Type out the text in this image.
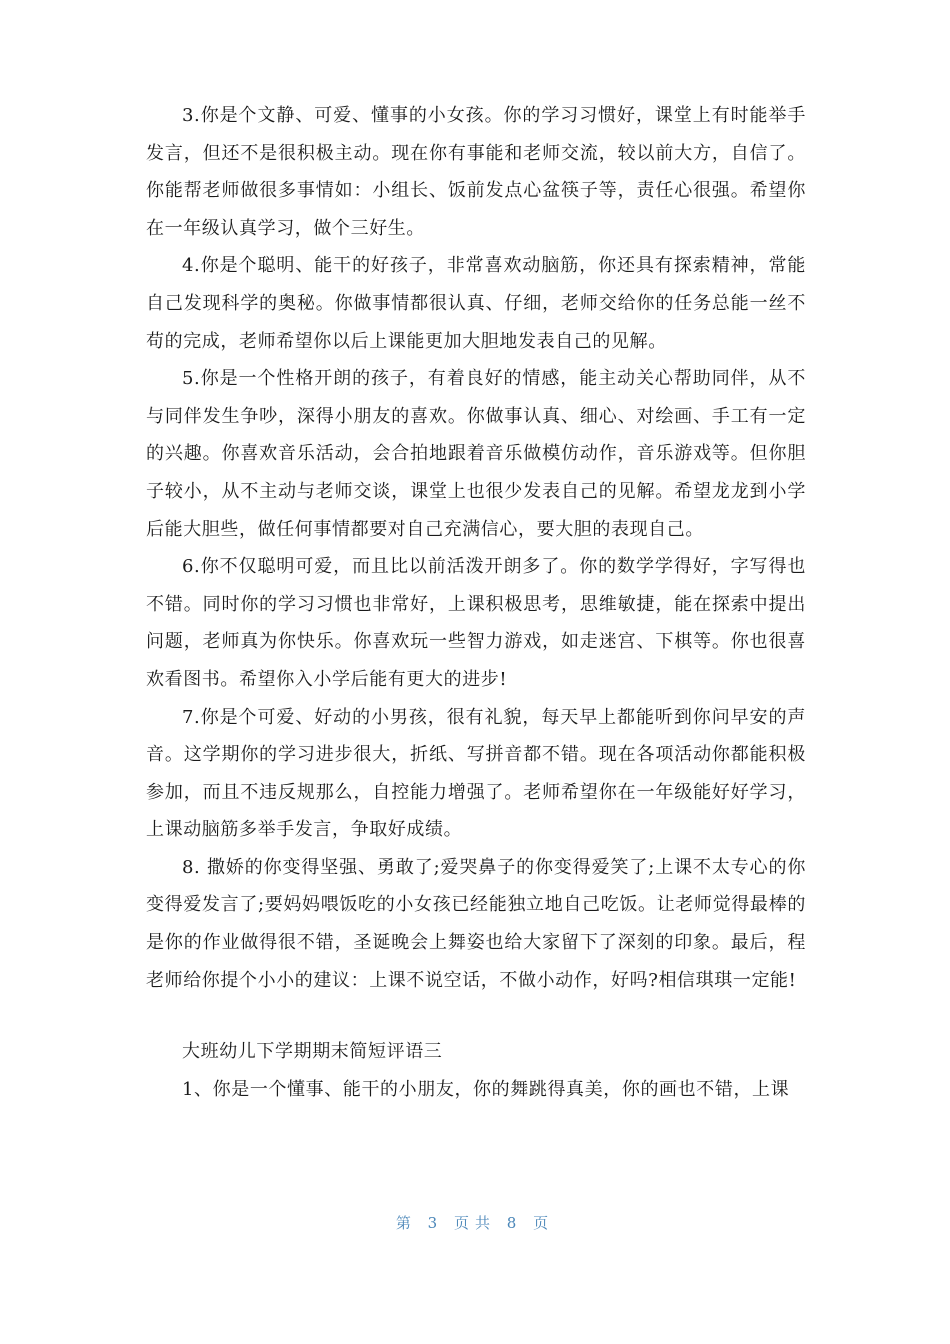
3.你是个文静、可爱、懂事的小女孩。你的学习习惯好，课堂上有时能举手发言，但还不是很积极主动。现在你有事能和老师交流，较以前大方，自信了。你能帮老师做很多事情如：小组长、饭前发点心盆筷子等，责任心很强。希望你在一年级认真学习，做个三好生。

4.你是个聪明、能干的好孩子，非常喜欢动脑筋，你还具有探索精神，常能自己发现科学的奥秘。你做事情都很认真、仔细，老师交给你的任务总能一丝不苟的完成，老师希望你以后上课能更加大胆地发表自己的见解。

5.你是一个性格开朗的孩子，有着良好的情感，能主动关心帮助同伴，从不与同伴发生争吵，深得小朋友的喜欢。你做事认真、细心、对绘画、手工有一定的兴趣。你喜欢音乐活动，会合拍地跟着音乐做模仿动作，音乐游戏等。但你胆子较小，从不主动与老师交谈，课堂上也很少发表自己的见解。希望龙龙到小学后能大胆些，做任何事情都要对自己充满信心，要大胆的表现自己。

6.你不仅聪明可爱，而且比以前活泼开朗多了。你的数学学得好，字写得也不错。同时你的学习习惯也非常好，上课积极思考，思维敏捷，能在探索中提出问题，老师真为你快乐。你喜欢玩一些智力游戏，如走迷宫、下棋等。你也很喜欢看图书。希望你入小学后能有更大的进步!

7.你是个可爱、好动的小男孩，很有礼貌，每天早上都能听到你问早安的声音。这学期你的学习进步很大，折纸、写拼音都不错。现在各项活动你都能积极参加，而且不违反规那么，自控能力增强了。老师希望你在一年级能好好学习，上课动脑筋多举手发言，争取好成绩。

8. 撒娇的你变得坚强、勇敢了;爱哭鼻子的你变得爱笑了;上课不太专心的你变得爱发言了;要妈妈喂饭吃的小女孩已经能独立地自己吃饭。让老师觉得最棒的是你的作业做得很不错，圣诞晚会上舞姿也给大家留下了深刻的印象。最后，程老师给你提个小小的建议：上课不说空话，不做小动作，好吗?相信琪琪一定能!

大班幼儿下学期期末简短评语三

1、你是一个懂事、能干的小朋友，你的舞跳得真美，你的画也不错，上课

第 3 页共 8 页
